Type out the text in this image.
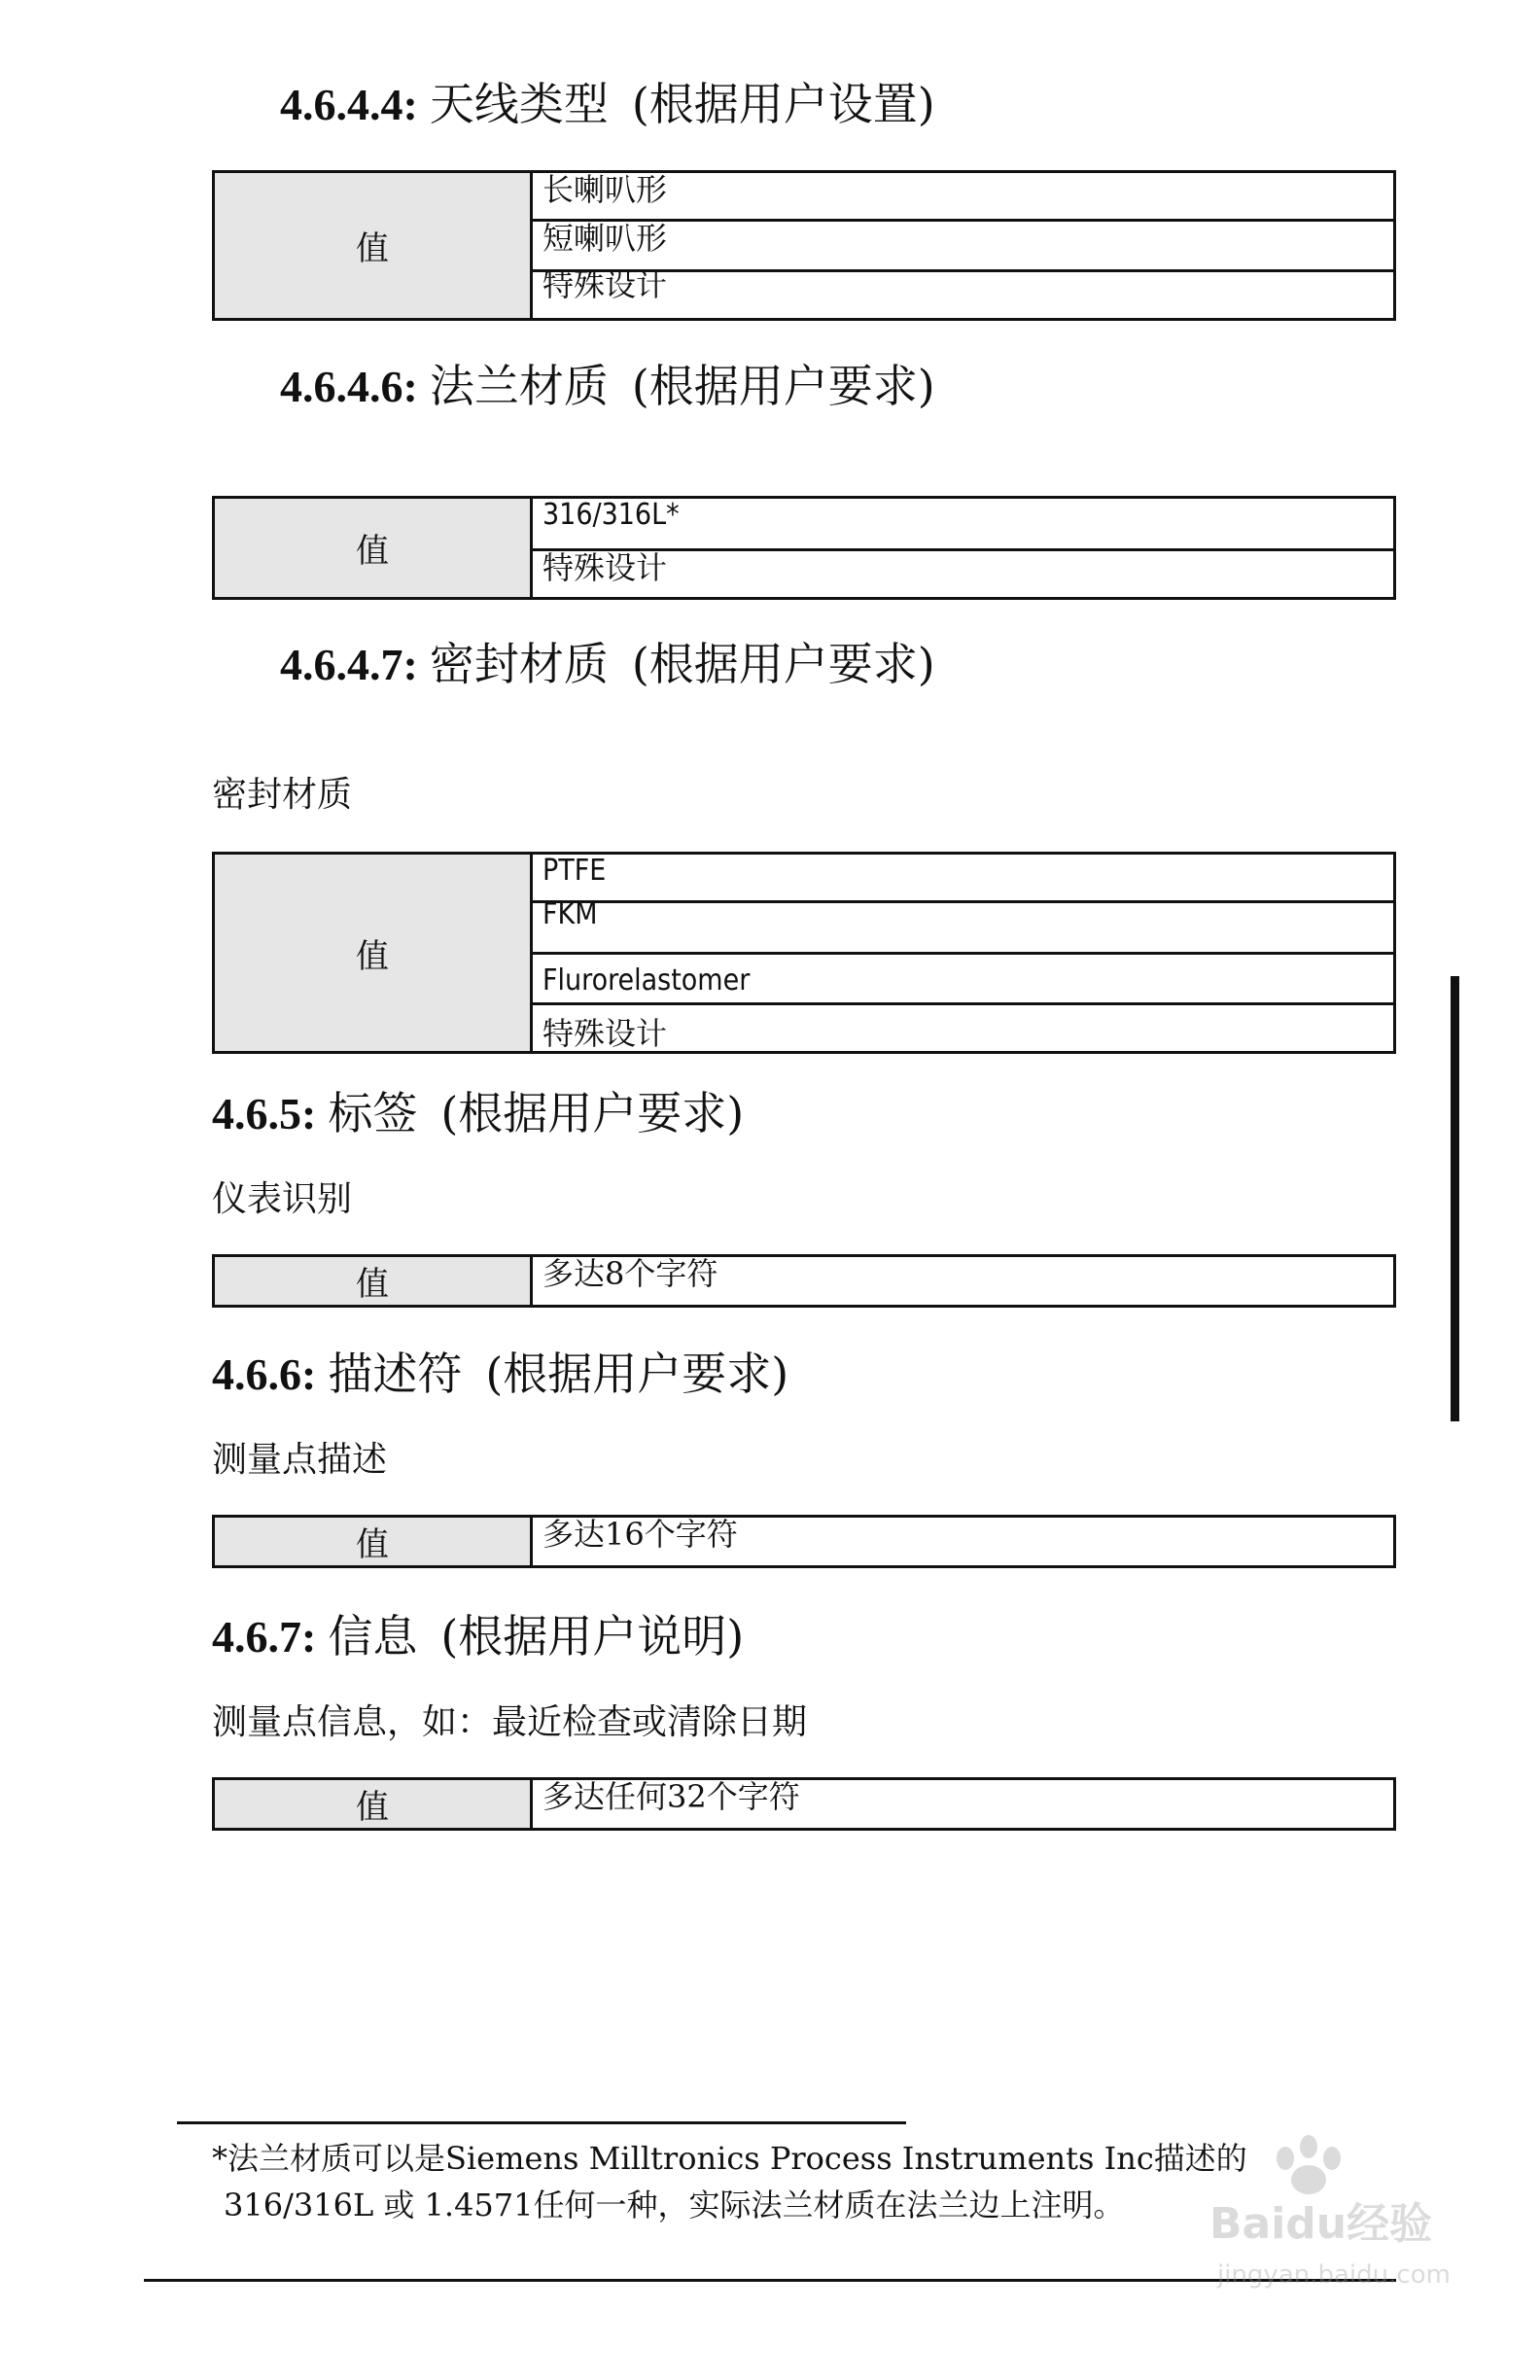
4.6.4.4: 天线类型 (根据用户设置)
值	长喇叭形
短喇叭形
特殊设计
4.6.4.6: 法兰材质 (根据用户要求)
值	316/316L*
特殊设计
4.6.4.7: 密封材质 (根据用户要求)
密封材质
值	PTFE
FKM
Flurorelastomer
特殊设计
4.6.5: 标签 (根据用户要求)
仪表识别
值	多达8个字符
4.6.6: 描述符 (根据用户要求)
测量点描述
值	多达16个字符
4.6.7: 信息 (根据用户说明)
测量点信息，如：最近检查或清除日期
值	多达任何32个字符
*法兰材质可以是Siemens Milltronics Process Instruments Inc描述的
316/316L 或 1.4571任何一种，实际法兰材质在法兰边上注明。 Baidu经验
jingyan.baidu.com
